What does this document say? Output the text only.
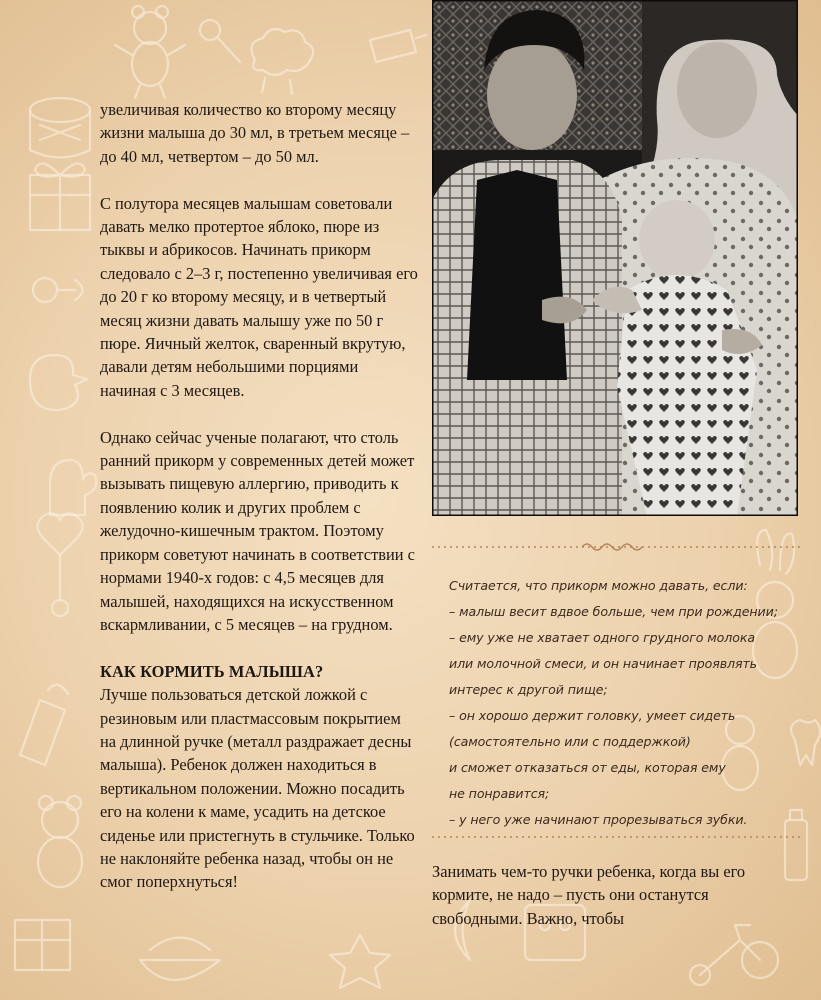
увеличивая количество ко второму месяцу жизни малыша до 30 мл, в третьем месяце – до 40 мл, четвертом – до 50 мл.

С полутора месяцев малышам советовали давать мелко протертое яблоко, пюре из тыквы и абрикосов. Начинать прикорм следовало с 2–3 г, постепенно увеличивая его до 20 г ко второму месяцу, и в четвертый месяц жизни давать малышу уже по 50 г пюре. Яичный желток, сваренный вкрутую, давали детям небольшими порциями начиная с 3 месяцев.

Однако сейчас ученые полагают, что столь ранний прикорм у современных детей может вызывать пищевую аллергию, приводить к появлению колик и других проблем с желудочно-кишечным трактом. Поэтому прикорм советуют начинать в соответствии с нормами 1940-х годов: с 4,5 месяцев для малышей, находящихся на искусственном вскармливании, с 5 месяцев – на грудном.

КАК КОРМИТЬ МАЛЫША?

Лучше пользоваться детской ложкой с резиновым или пластмассовым покрытием на длинной ручке (металл раздражает десны малыша). Ребенок должен находиться в вертикальном положении. Можно посадить его на колени к маме, усадить на детское сиденье или пристегнуть в стульчике. Только не наклоняйте ребенка назад, чтобы он не смог поперхнуться!

Считается, что прикорм можно давать, если:
– малыш весит вдвое больше, чем при рождении;
– ему уже не хватает одного грудного молока
или молочной смеси, и он начинает проявлять
интерес к другой пище;
– он хорошо держит головку, умеет сидеть
(самостоятельно или с поддержкой)
и сможет отказаться от еды, которая ему
не понравится;
– у него уже начинают прорезываться зубки.

Занимать чем-то ручки ребенка, когда вы его кормите, не надо – пусть они останутся свободными. Важно, чтобы
